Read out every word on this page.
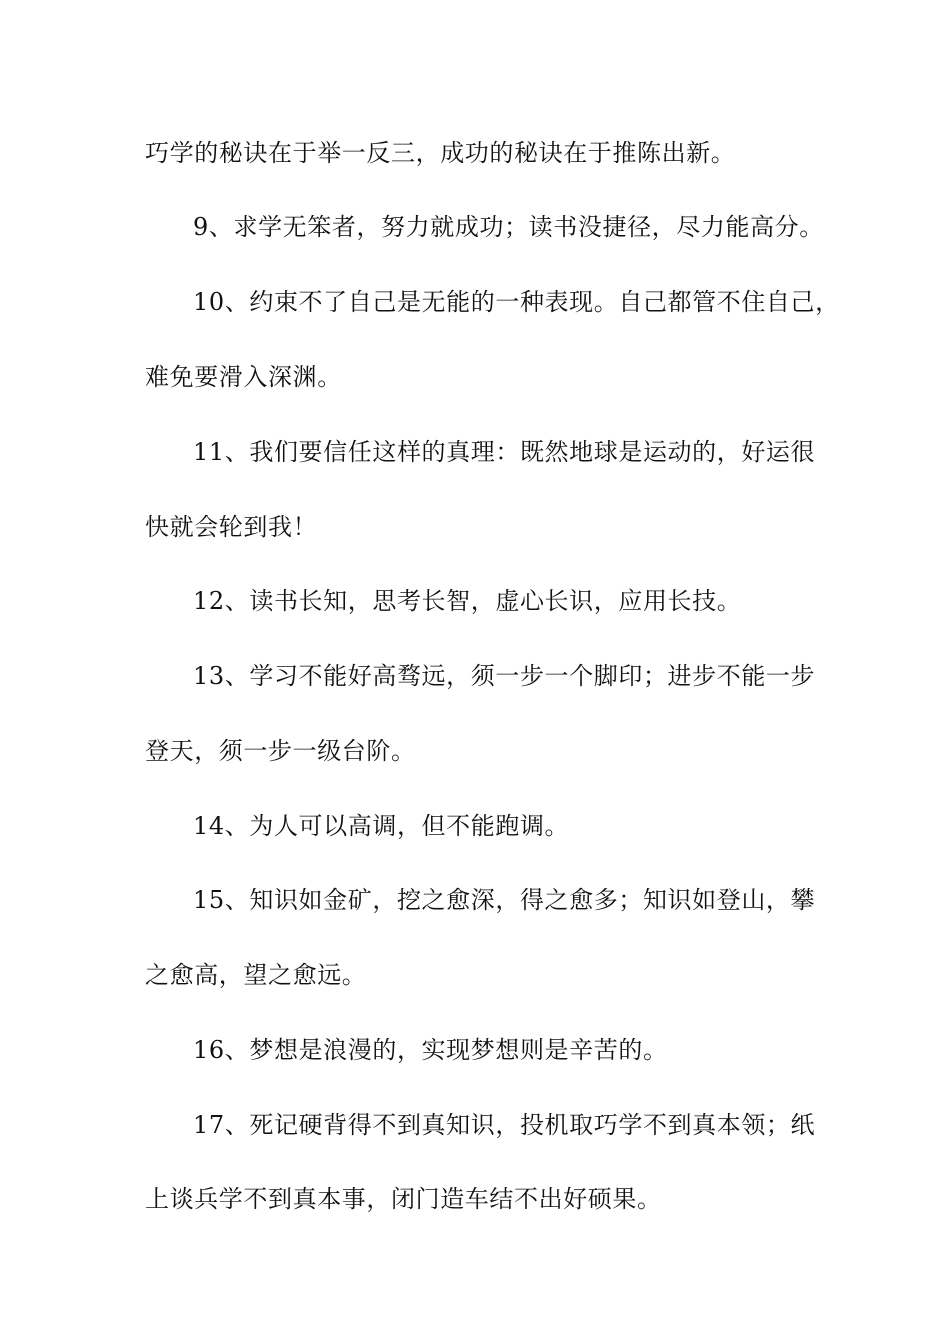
巧学的秘诀在于举一反三，成功的秘诀在于推陈出新。
9、求学无笨者，努力就成功；读书没捷径，尽力能高分。
10、约束不了自己是无能的一种表现。自己都管不住自己，
难免要滑入深渊。
11、我们要信任这样的真理：既然地球是运动的，好运很
快就会轮到我！
12、读书长知，思考长智，虚心长识，应用长技。
13、学习不能好高骛远，须一步一个脚印；进步不能一步
登天，须一步一级台阶。
14、为人可以高调，但不能跑调。
15、知识如金矿，挖之愈深，得之愈多；知识如登山，攀
之愈高，望之愈远。
16、梦想是浪漫的，实现梦想则是辛苦的。
17、死记硬背得不到真知识，投机取巧学不到真本领；纸
上谈兵学不到真本事，闭门造车结不出好硕果。
